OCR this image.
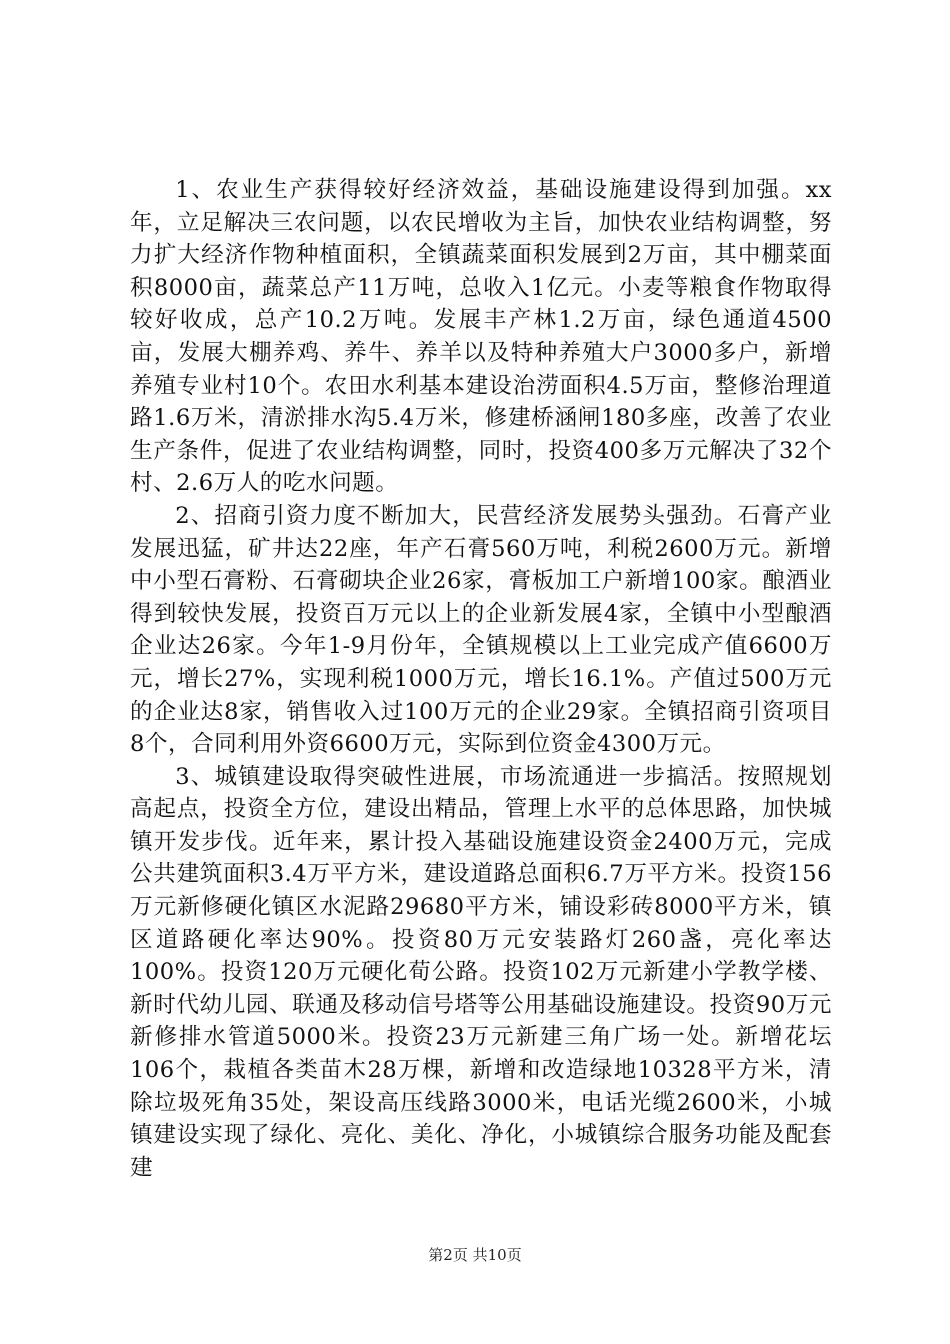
1、农业生产获得较好经济效益，基础设施建设得到加强。xx年，立足解决三农问题，以农民增收为主旨，加快农业结构调整，努力扩大经济作物种植面积，全镇蔬菜面积发展到2万亩，其中棚菜面积8000亩，蔬菜总产11万吨，总收入1亿元。小麦等粮食作物取得较好收成，总产10.2万吨。发展丰产林1.2万亩，绿色通道4500亩，发展大棚养鸡、养牛、养羊以及特种养殖大户3000多户，新增养殖专业村10个。农田水利基本建设治涝面积4.5万亩，整修治理道路1.6万米，清淤排水沟5.4万米，修建桥涵闸180多座，改善了农业生产条件，促进了农业结构调整，同时，投资400多万元解决了32个村、2.6万人的吃水问题。

2、招商引资力度不断加大，民营经济发展势头强劲。石膏产业发展迅猛，矿井达22座，年产石膏560万吨，利税2600万元。新增中小型石膏粉、石膏砌块企业26家，膏板加工户新增100家。酿酒业得到较快发展，投资百万元以上的企业新发展4家，全镇中小型酿酒企业达26家。今年1-9月份年，全镇规模以上工业完成产值6600万元，增长27%，实现利税1000万元，增长16.1%。产值过500万元的企业达8家，销售收入过100万元的企业29家。全镇招商引资项目8个，合同利用外资6600万元，实际到位资金4300万元。

3、城镇建设取得突破性进展，市场流通进一步搞活。按照规划高起点，投资全方位，建设出精品，管理上水平的总体思路，加快城镇开发步伐。近年来，累计投入基础设施建设资金2400万元，完成公共建筑面积3.4万平方米，建设道路总面积6.7万平方米。投资156万元新修硬化镇区水泥路29680平方米，铺设彩砖8000平方米，镇区道路硬化率达90%。投资80万元安装路灯260盏，亮化率达100%。投资120万元硬化荀公路。投资102万元新建小学教学楼、新时代幼儿园、联通及移动信号塔等公用基础设施建设。投资90万元新修排水管道5000米。投资23万元新建三角广场一处。新增花坛106个，栽植各类苗木28万棵，新增和改造绿地10328平方米，清除垃圾死角35处，架设高压线路3000米，电话光缆2600米，小城镇建设实现了绿化、亮化、美化、净化，小城镇综合服务功能及配套建

第2页 共10页
